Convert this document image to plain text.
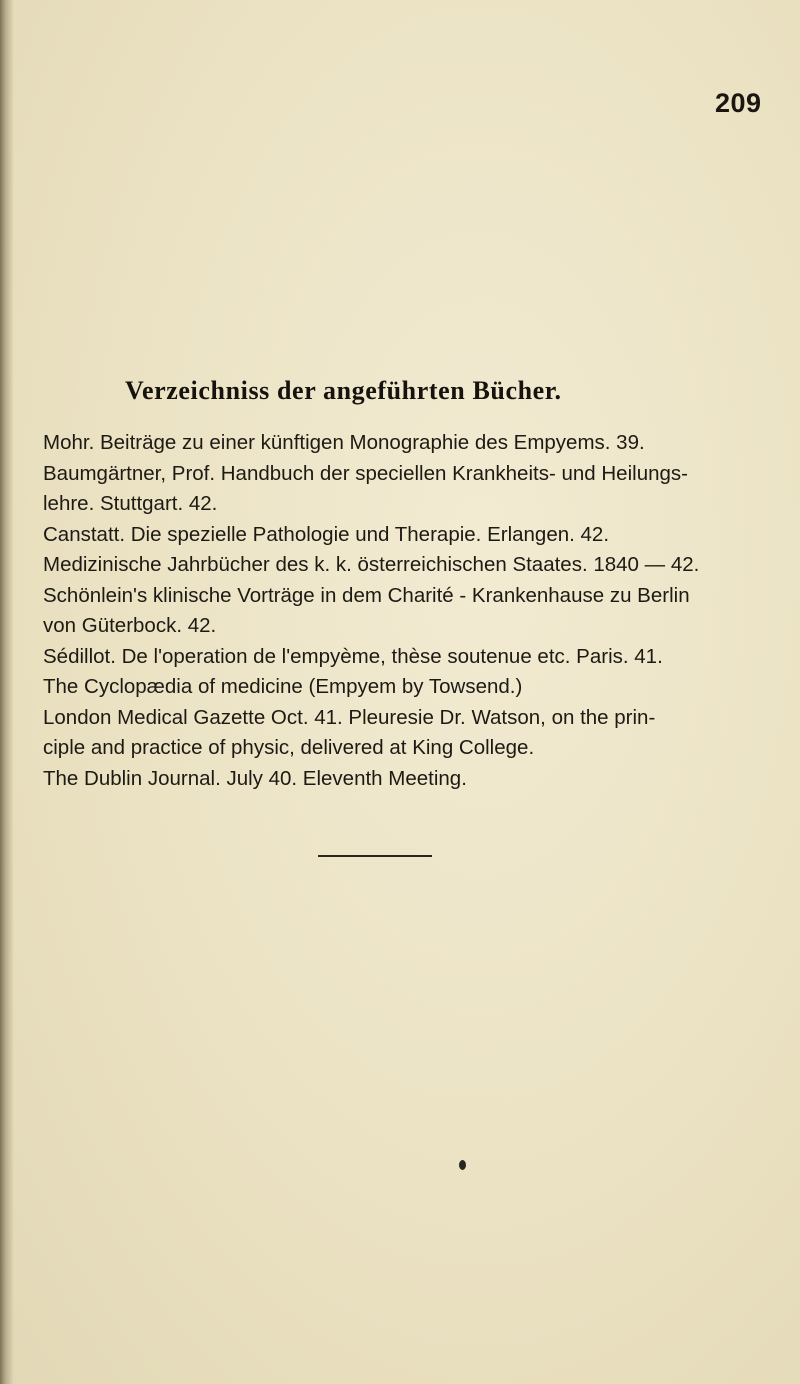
209
Verzeichniss der angeführten Bücher.

Mohr. Beiträge zu einer künftigen Monographie des Empyems. 39.

Baumgärtner, Prof. Handbuch der speciellen Krankheits- und Heilungs-
lehre. Stuttgart. 42.

Canstatt. Die spezielle Pathologie und Therapie. Erlangen. 42.

Medizinische Jahrbücher des k. k. österreichischen Staates. 1840 — 42.

Schönlein's klinische Vorträge in dem Charité - Krankenhause zu Berlin
von Güterbock. 42.

Sédillot. De l'operation de l'empyème, thèse soutenue etc. Paris. 41.

The Cyclopædia of medicine (Empyem by Towsend.)

London Medical Gazette Oct. 41. Pleuresie Dr. Watson, on the prin-
ciple and practice of physic, delivered at King College.

The Dublin Journal. July 40. Eleventh Meeting.
